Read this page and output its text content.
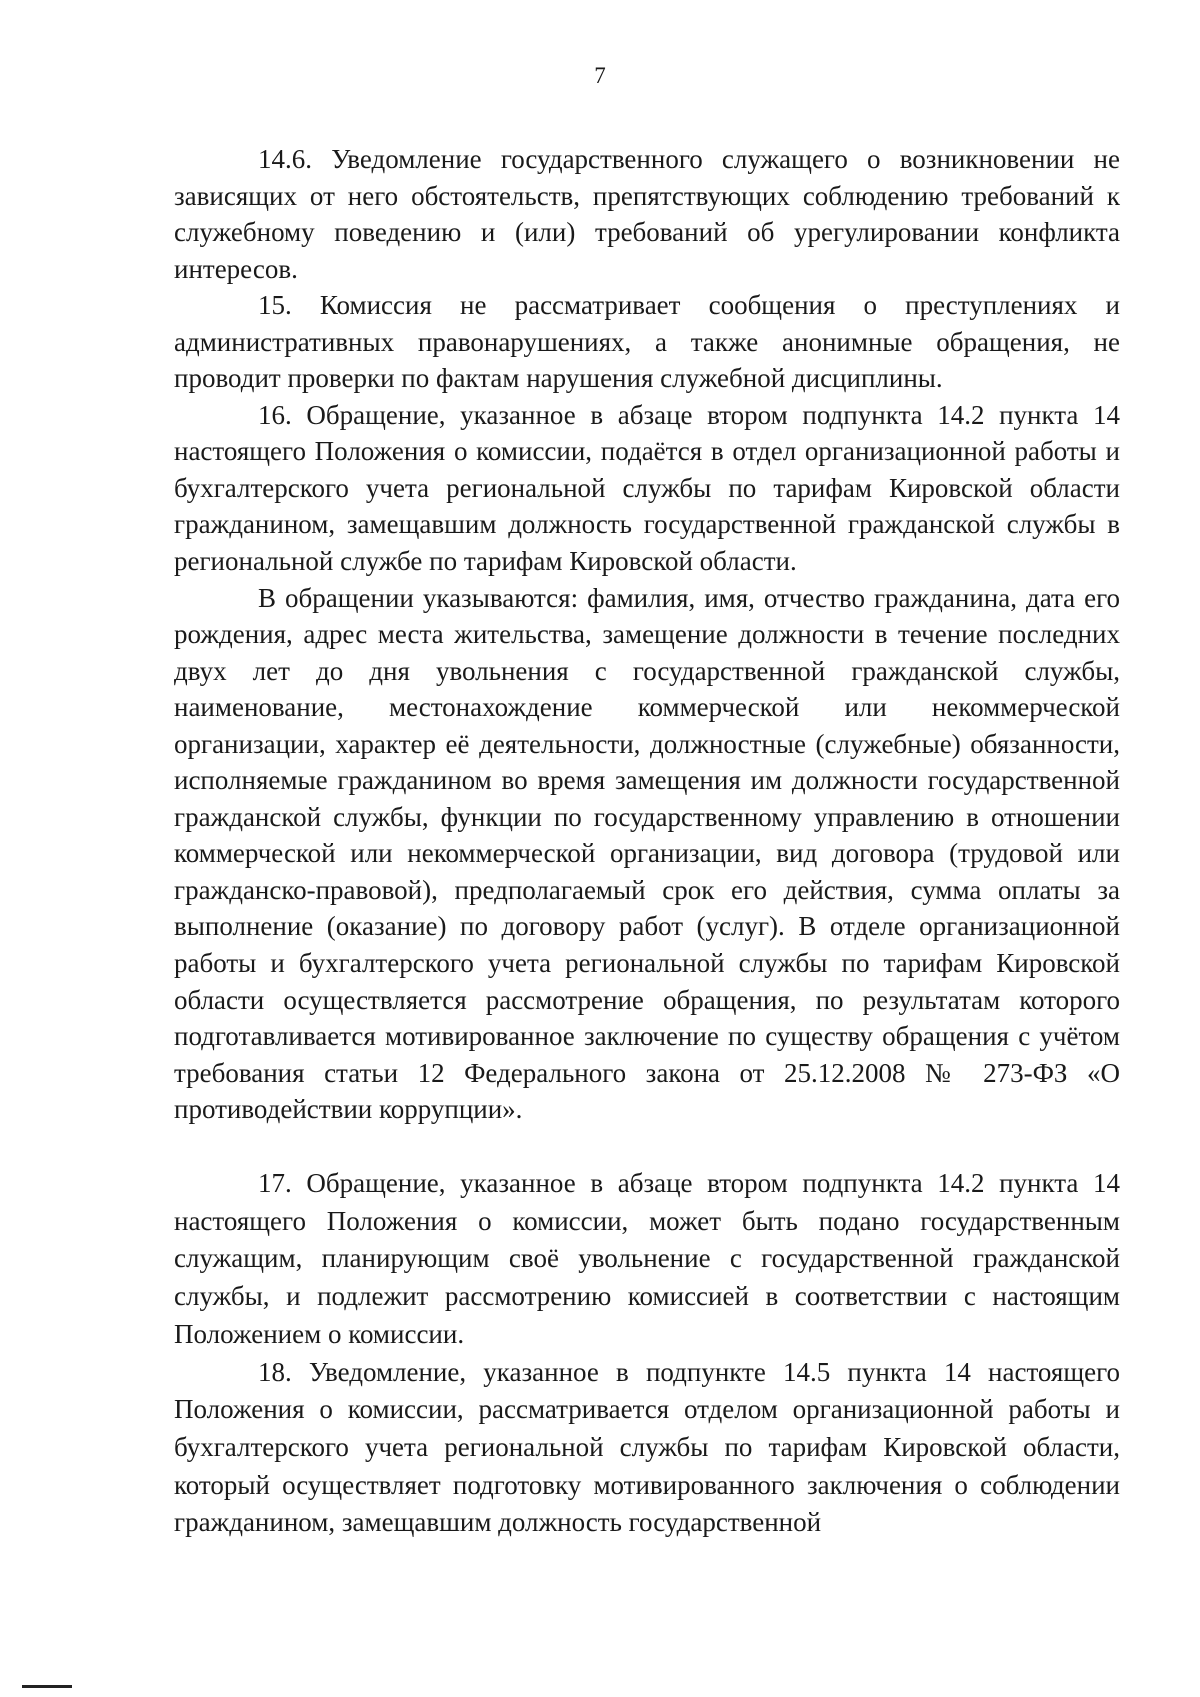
7

14.6. Уведомление государственного служащего о возникновении не зависящих от него обстоятельств, препятствующих соблюдению требований к служебному поведению и (или) требований об урегулировании конфликта интересов.

15. Комиссия не рассматривает сообщения о преступлениях и административных правонарушениях, а также анонимные обращения, не проводит проверки по фактам нарушения служебной дисциплины.

16. Обращение, указанное в абзаце втором подпункта 14.2 пункта 14 настоящего Положения о комиссии, подаётся в отдел организационной работы и бухгалтерского учета региональной службы по тарифам Кировской области гражданином, замещавшим должность государственной гражданской службы в региональной службе по тарифам Кировской области.

В обращении указываются: фамилия, имя, отчество гражданина, дата его рождения, адрес места жительства, замещение должности в течение последних двух лет до дня увольнения с государственной гражданской службы, наименование, местонахождение коммерческой или некоммерческой организации, характер её деятельности, должностные (служебные) обязанности, исполняемые гражданином во время замещения им должности государственной гражданской службы, функции по государственному управлению в отношении коммерческой или некоммерческой организации, вид договора (трудовой или гражданско-правовой), предполагаемый срок его действия, сумма оплаты за выполнение (оказание) по договору работ (услуг). В отделе организационной работы и бухгалтерского учета региональной службы по тарифам Кировской области осуществляется рассмотрение обращения, по результатам которого подготавливается мотивированное заключение по существу обращения с учётом требования статьи 12 Федерального закона от 25.12.2008 № 273-ФЗ «О противодействии коррупции».

17. Обращение, указанное в абзаце втором подпункта 14.2 пункта 14 настоящего Положения о комиссии, может быть подано государственным служащим, планирующим своё увольнение с государственной гражданской службы, и подлежит рассмотрению комиссией в соответствии с настоящим Положением о комиссии.

18. Уведомление, указанное в подпункте 14.5 пункта 14 настоящего Положения о комиссии, рассматривается отделом организационной работы и бухгалтерского учета региональной службы по тарифам Кировской области, который осуществляет подготовку мотивированного заключения о соблюдении гражданином, замещавшим должность государственной
